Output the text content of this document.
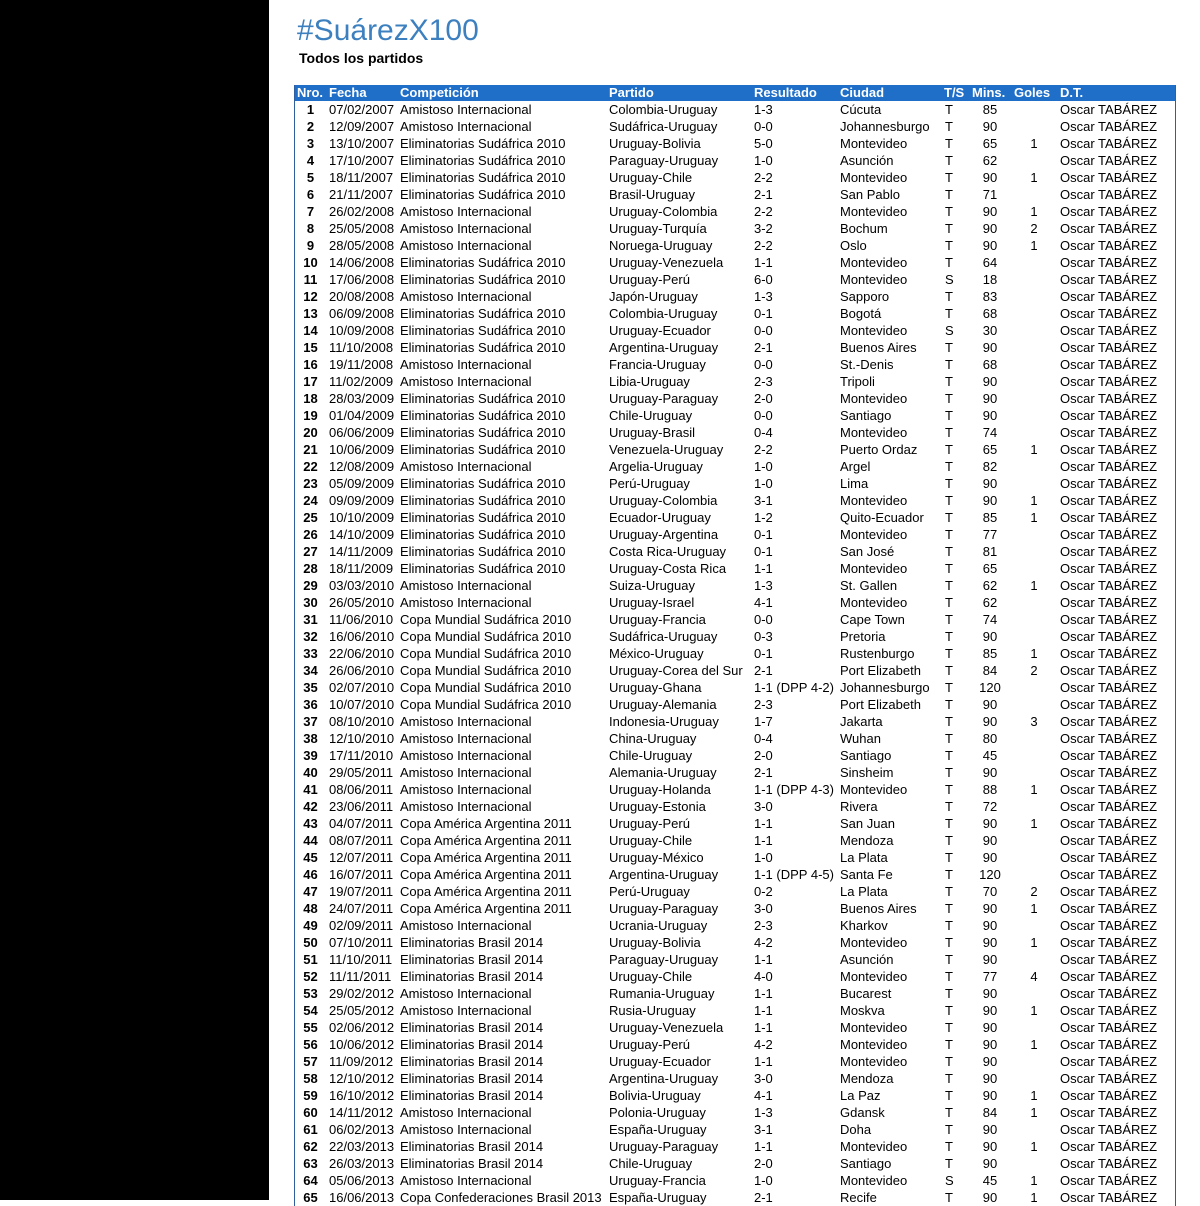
#SuárezX100
Todos los partidos
Nro.	Fecha	Competición	Partido	Resultado	Ciudad	T/S	Mins.	Goles	D.T.
1	07/02/2007	Amistoso Internacional	Colombia-Uruguay	1-3	Cúcuta	T	85		Oscar TABÁREZ
2	12/09/2007	Amistoso Internacional	Sudáfrica-Uruguay	0-0	Johannesburgo	T	90		Oscar TABÁREZ
3	13/10/2007	Eliminatorias Sudáfrica 2010	Uruguay-Bolivia	5-0	Montevideo	T	65	1	Oscar TABÁREZ
4	17/10/2007	Eliminatorias Sudáfrica 2010	Paraguay-Uruguay	1-0	Asunción	T	62		Oscar TABÁREZ
5	18/11/2007	Eliminatorias Sudáfrica 2010	Uruguay-Chile	2-2	Montevideo	T	90	1	Oscar TABÁREZ
6	21/11/2007	Eliminatorias Sudáfrica 2010	Brasil-Uruguay	2-1	San Pablo	T	71		Oscar TABÁREZ
7	26/02/2008	Amistoso Internacional	Uruguay-Colombia	2-2	Montevideo	T	90	1	Oscar TABÁREZ
8	25/05/2008	Amistoso Internacional	Uruguay-Turquía	3-2	Bochum	T	90	2	Oscar TABÁREZ
9	28/05/2008	Amistoso Internacional	Noruega-Uruguay	2-2	Oslo	T	90	1	Oscar TABÁREZ
10	14/06/2008	Eliminatorias Sudáfrica 2010	Uruguay-Venezuela	1-1	Montevideo	T	64		Oscar TABÁREZ
11	17/06/2008	Eliminatorias Sudáfrica 2010	Uruguay-Perú	6-0	Montevideo	S	18		Oscar TABÁREZ
12	20/08/2008	Amistoso Internacional	Japón-Uruguay	1-3	Sapporo	T	83		Oscar TABÁREZ
13	06/09/2008	Eliminatorias Sudáfrica 2010	Colombia-Uruguay	0-1	Bogotá	T	68		Oscar TABÁREZ
14	10/09/2008	Eliminatorias Sudáfrica 2010	Uruguay-Ecuador	0-0	Montevideo	S	30		Oscar TABÁREZ
15	11/10/2008	Eliminatorias Sudáfrica 2010	Argentina-Uruguay	2-1	Buenos Aires	T	90		Oscar TABÁREZ
16	19/11/2008	Amistoso Internacional	Francia-Uruguay	0-0	St.-Denis	T	68		Oscar TABÁREZ
17	11/02/2009	Amistoso Internacional	Libia-Uruguay	2-3	Tripoli	T	90		Oscar TABÁREZ
18	28/03/2009	Eliminatorias Sudáfrica 2010	Uruguay-Paraguay	2-0	Montevideo	T	90		Oscar TABÁREZ
19	01/04/2009	Eliminatorias Sudáfrica 2010	Chile-Uruguay	0-0	Santiago	T	90		Oscar TABÁREZ
20	06/06/2009	Eliminatorias Sudáfrica 2010	Uruguay-Brasil	0-4	Montevideo	T	74		Oscar TABÁREZ
21	10/06/2009	Eliminatorias Sudáfrica 2010	Venezuela-Uruguay	2-2	Puerto Ordaz	T	65	1	Oscar TABÁREZ
22	12/08/2009	Amistoso Internacional	Argelia-Uruguay	1-0	Argel	T	82		Oscar TABÁREZ
23	05/09/2009	Eliminatorias Sudáfrica 2010	Perú-Uruguay	1-0	Lima	T	90		Oscar TABÁREZ
24	09/09/2009	Eliminatorias Sudáfrica 2010	Uruguay-Colombia	3-1	Montevideo	T	90	1	Oscar TABÁREZ
25	10/10/2009	Eliminatorias Sudáfrica 2010	Ecuador-Uruguay	1-2	Quito-Ecuador	T	85	1	Oscar TABÁREZ
26	14/10/2009	Eliminatorias Sudáfrica 2010	Uruguay-Argentina	0-1	Montevideo	T	77		Oscar TABÁREZ
27	14/11/2009	Eliminatorias Sudáfrica 2010	Costa Rica-Uruguay	0-1	San José	T	81		Oscar TABÁREZ
28	18/11/2009	Eliminatorias Sudáfrica 2010	Uruguay-Costa Rica	1-1	Montevideo	T	65		Oscar TABÁREZ
29	03/03/2010	Amistoso Internacional	Suiza-Uruguay	1-3	St. Gallen	T	62	1	Oscar TABÁREZ
30	26/05/2010	Amistoso Internacional	Uruguay-Israel	4-1	Montevideo	T	62		Oscar TABÁREZ
31	11/06/2010	Copa Mundial Sudáfrica 2010	Uruguay-Francia	0-0	Cape Town	T	74		Oscar TABÁREZ
32	16/06/2010	Copa Mundial Sudáfrica 2010	Sudáfrica-Uruguay	0-3	Pretoria	T	90		Oscar TABÁREZ
33	22/06/2010	Copa Mundial Sudáfrica 2010	México-Uruguay	0-1	Rustenburgo	T	85	1	Oscar TABÁREZ
34	26/06/2010	Copa Mundial Sudáfrica 2010	Uruguay-Corea del Sur	2-1	Port Elizabeth	T	84	2	Oscar TABÁREZ
35	02/07/2010	Copa Mundial Sudáfrica 2010	Uruguay-Ghana	1-1 (DPP 4-2)	Johannesburgo	T	120		Oscar TABÁREZ
36	10/07/2010	Copa Mundial Sudáfrica 2010	Uruguay-Alemania	2-3	Port Elizabeth	T	90		Oscar TABÁREZ
37	08/10/2010	Amistoso Internacional	Indonesia-Uruguay	1-7	Jakarta	T	90	3	Oscar TABÁREZ
38	12/10/2010	Amistoso Internacional	China-Uruguay	0-4	Wuhan	T	80		Oscar TABÁREZ
39	17/11/2010	Amistoso Internacional	Chile-Uruguay	2-0	Santiago	T	45		Oscar TABÁREZ
40	29/05/2011	Amistoso Internacional	Alemania-Uruguay	2-1	Sinsheim	T	90		Oscar TABÁREZ
41	08/06/2011	Amistoso Internacional	Uruguay-Holanda	1-1 (DPP 4-3)	Montevideo	T	88	1	Oscar TABÁREZ
42	23/06/2011	Amistoso Internacional	Uruguay-Estonia	3-0	Rivera	T	72		Oscar TABÁREZ
43	04/07/2011	Copa América Argentina 2011	Uruguay-Perú	1-1	San Juan	T	90	1	Oscar TABÁREZ
44	08/07/2011	Copa América Argentina 2011	Uruguay-Chile	1-1	Mendoza	T	90		Oscar TABÁREZ
45	12/07/2011	Copa América Argentina 2011	Uruguay-México	1-0	La Plata	T	90		Oscar TABÁREZ
46	16/07/2011	Copa América Argentina 2011	Argentina-Uruguay	1-1 (DPP 4-5)	Santa Fe	T	120		Oscar TABÁREZ
47	19/07/2011	Copa América Argentina 2011	Perú-Uruguay	0-2	La Plata	T	70	2	Oscar TABÁREZ
48	24/07/2011	Copa América Argentina 2011	Uruguay-Paraguay	3-0	Buenos Aires	T	90	1	Oscar TABÁREZ
49	02/09/2011	Amistoso Internacional	Ucrania-Uruguay	2-3	Kharkov	T	90		Oscar TABÁREZ
50	07/10/2011	Eliminatorias Brasil 2014	Uruguay-Bolivia	4-2	Montevideo	T	90	1	Oscar TABÁREZ
51	11/10/2011	Eliminatorias Brasil 2014	Paraguay-Uruguay	1-1	Asunción	T	90		Oscar TABÁREZ
52	11/11/2011	Eliminatorias Brasil 2014	Uruguay-Chile	4-0	Montevideo	T	77	4	Oscar TABÁREZ
53	29/02/2012	Amistoso Internacional	Rumania-Uruguay	1-1	Bucarest	T	90		Oscar TABÁREZ
54	25/05/2012	Amistoso Internacional	Rusia-Uruguay	1-1	Moskva	T	90	1	Oscar TABÁREZ
55	02/06/2012	Eliminatorias Brasil 2014	Uruguay-Venezuela	1-1	Montevideo	T	90		Oscar TABÁREZ
56	10/06/2012	Eliminatorias Brasil 2014	Uruguay-Perú	4-2	Montevideo	T	90	1	Oscar TABÁREZ
57	11/09/2012	Eliminatorias Brasil 2014	Uruguay-Ecuador	1-1	Montevideo	T	90		Oscar TABÁREZ
58	12/10/2012	Eliminatorias Brasil 2014	Argentina-Uruguay	3-0	Mendoza	T	90		Oscar TABÁREZ
59	16/10/2012	Eliminatorias Brasil 2014	Bolivia-Uruguay	4-1	La Paz	T	90	1	Oscar TABÁREZ
60	14/11/2012	Amistoso Internacional	Polonia-Uruguay	1-3	Gdansk	T	84	1	Oscar TABÁREZ
61	06/02/2013	Amistoso Internacional	España-Uruguay	3-1	Doha	T	90		Oscar TABÁREZ
62	22/03/2013	Eliminatorias Brasil 2014	Uruguay-Paraguay	1-1	Montevideo	T	90	1	Oscar TABÁREZ
63	26/03/2013	Eliminatorias Brasil 2014	Chile-Uruguay	2-0	Santiago	T	90		Oscar TABÁREZ
64	05/06/2013	Amistoso Internacional	Uruguay-Francia	1-0	Montevideo	S	45	1	Oscar TABÁREZ
65	16/06/2013	Copa Confederaciones Brasil 2013	España-Uruguay	2-1	Recife	T	90	1	Oscar TABÁREZ
